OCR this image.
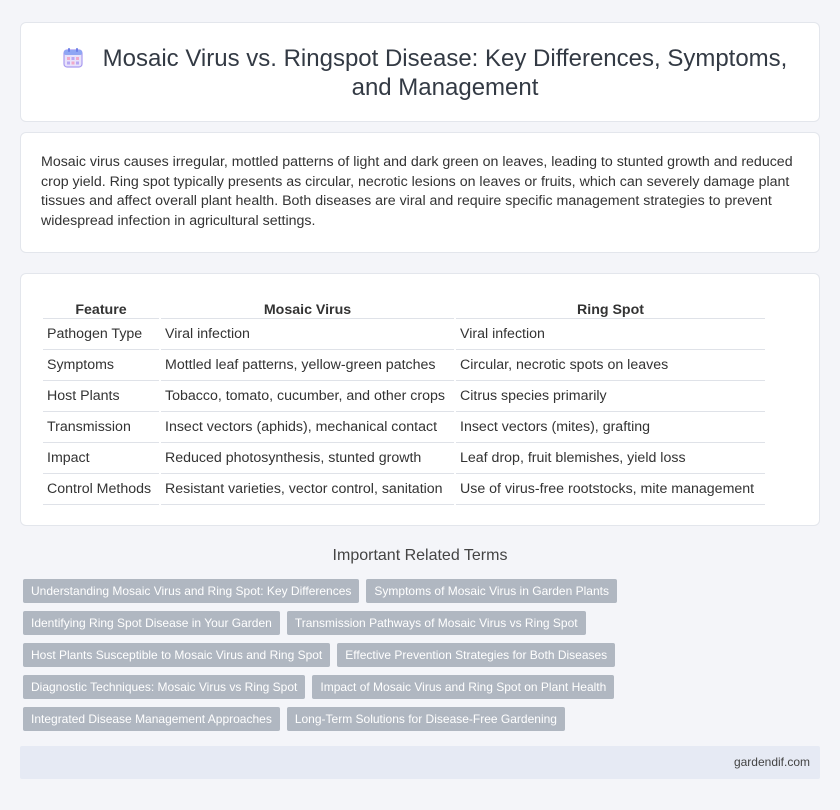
Mosaic Virus vs. Ringspot Disease: Key Differences, Symptoms, and Management

Mosaic virus causes irregular, mottled patterns of light and dark green on leaves, leading to stunted growth and reduced crop yield. Ring spot typically presents as circular, necrotic lesions on leaves or fruits, which can severely damage plant tissues and affect overall plant health. Both diseases are viral and require specific management strategies to prevent widespread infection in agricultural settings.

Feature	Mosaic Virus	Ring Spot
Pathogen Type	Viral infection	Viral infection
Symptoms	Mottled leaf patterns, yellow-green patches	Circular, necrotic spots on leaves
Host Plants	Tobacco, tomato, cucumber, and other crops	Citrus species primarily
Transmission	Insect vectors (aphids), mechanical contact	Insect vectors (mites), grafting
Impact	Reduced photosynthesis, stunted growth	Leaf drop, fruit blemishes, yield loss
Control Methods	Resistant varieties, vector control, sanitation	Use of virus-free rootstocks, mite management
Important Related Terms
Understanding Mosaic Virus and Ring Spot: Key Differences	Symptoms of Mosaic Virus in Garden Plants
Identifying Ring Spot Disease in Your Garden	Transmission Pathways of Mosaic Virus vs Ring Spot
Host Plants Susceptible to Mosaic Virus and Ring Spot	Effective Prevention Strategies for Both Diseases
Diagnostic Techniques: Mosaic Virus vs Ring Spot	Impact of Mosaic Virus and Ring Spot on Plant Health
Integrated Disease Management Approaches	Long-Term Solutions for Disease-Free Gardening
gardendif.com
